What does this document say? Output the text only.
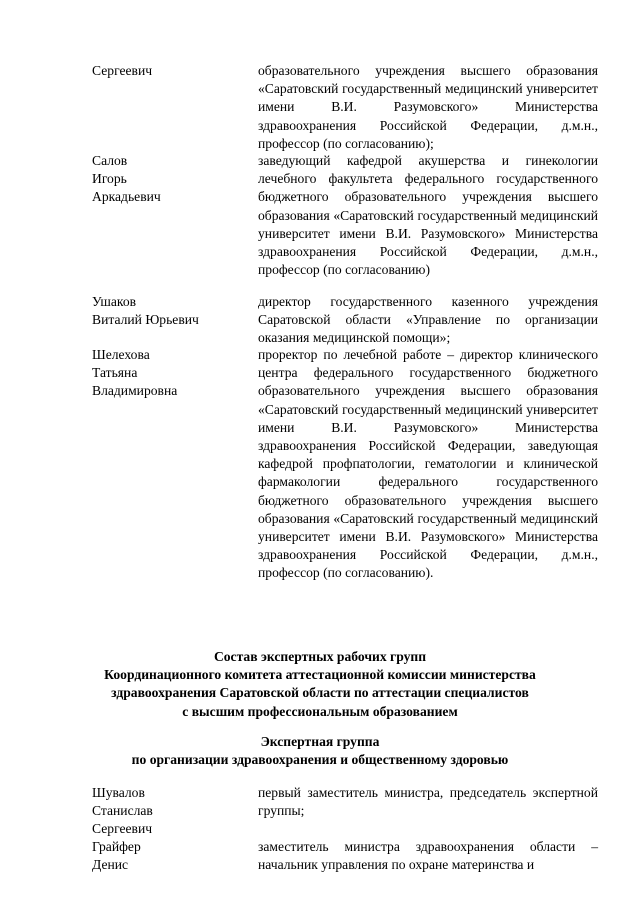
Сергеевич	образовательного учреждения высшего образования «Саратовский государственный медицинский университет имени В.И. Разумовского» Министерства здравоохранения Российской Федерации, д.м.н., профессор (по согласованию);
Салов
Игорь
Аркадьевич
заведующий кафедрой акушерства и гинекологии лечебного факультета федерального государственного бюджетного образовательного учреждения высшего образования «Саратовский государственный медицинский университет имени В.И. Разумовского» Министерства здравоохранения Российской Федерации, д.м.н., профессор (по согласованию)
Ушаков
Виталий Юрьевич
директор государственного казенного учреждения Саратовской области «Управление по организации оказания медицинской помощи»;
Шелехова
Татьяна
Владимировна
проректор по лечебной работе – директор клинического центра федерального государственного бюджетного образовательного учреждения высшего образования «Саратовский государственный медицинский университет имени В.И. Разумовского» Министерства здравоохранения Российской Федерации, заведующая кафедрой профпатологии, гематологии и клинической фармакологии федерального государственного бюджетного образовательного учреждения высшего образования «Саратовский государственный медицинский университет имени В.И. Разумовского» Министерства здравоохранения Российской Федерации, д.м.н., профессор (по согласованию).
Состав экспертных рабочих групп
Координационного комитета аттестационной комиссии министерства
здравоохранения Саратовской области по аттестации специалистов
с высшим профессиональным образованием
Экспертная группа
по организации здравоохранения и общественному здоровью
Шувалов
Станислав
Сергеевич
первый заместитель министра, председатель экспертной группы;
Грайфер
Денис
заместитель министра здравоохранения области – начальник управления по охране материнства и
